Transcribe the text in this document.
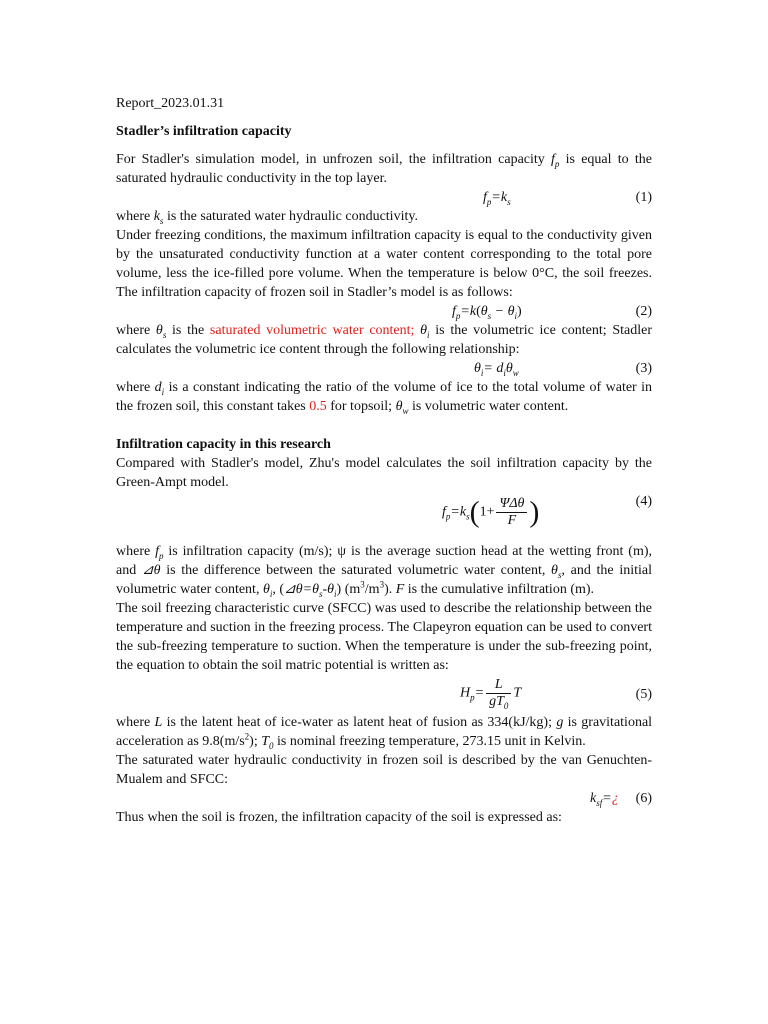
Report_2023.01.31

Stadler’s infiltration capacity

For Stadler's simulation model, in unfrozen soil, the infiltration capacity $f_p$ is equal to the saturated hydraulic conductivity in the top layer.

$f_p=k_s$	(1)

where $k_s$ is the saturated water hydraulic conductivity.

Under freezing conditions, the maximum infiltration capacity is equal to the conductivity given by the unsaturated conductivity function at a water content corresponding to the total pore volume, less the ice-filled pore volume. When the temperature is below 0°C, the soil freezes. The infiltration capacity of frozen soil in Stadler’s model is as follows:

$f_p=k(\theta_s - \theta_i)$	(2)

where $\theta_s$ is the saturated volumetric water content; $\theta_i$ is the volumetric ice content; Stadler calculates the volumetric ice content through the following relationship:

$\theta_i= d_i\theta_w$	(3)

where $d_i$ is a constant indicating the ratio of the volume of ice to the total volume of water in the frozen soil, this constant takes 0.5 for topsoil; $\theta_w$ is volumetric water content.

Infiltration capacity in this research

Compared with Stadler's model, Zhu's model calculates the soil infiltration capacity by the Green-Ampt model.

$f_p=k_s(1+ \frac{\text{ΨΔθ}}{F}$ )	(4)

where $f_p$ is infiltration capacity (m/s); ψ is the average suction head at the wetting front (m), and ⊿θ is the difference between the saturated volumetric water content, $\theta_s$, and the initial volumetric water content, $\theta_i$, $(⊿\theta=\theta_s-\theta_i)$ $(m^3/m^3)$. F is the cumulative infiltration (m).

The soil freezing characteristic curve (SFCC) was used to describe the relationship between the temperature and suction in the freezing process. The Clapeyron equation can be used to convert the sub-freezing temperature to suction. When the temperature is under the sub-freezing point, the equation to obtain the soil matric potential is written as:

$H_p= \frac{L}{gT_0}$ T	(5)

where L is the latent heat of ice-water as latent heat of fusion as 334(kJ/kg); g is gravitational acceleration as $9.8(m/s^2)$; $T_0$ is nominal freezing temperature, 273.15 unit in Kelvin.

The saturated water hydraulic conductivity in frozen soil is described by the van Genuchten-Mualem and SFCC:

$k_{sf}=¿$ (6)

Thus when the soil is frozen, the infiltration capacity of the soil is expressed as:
